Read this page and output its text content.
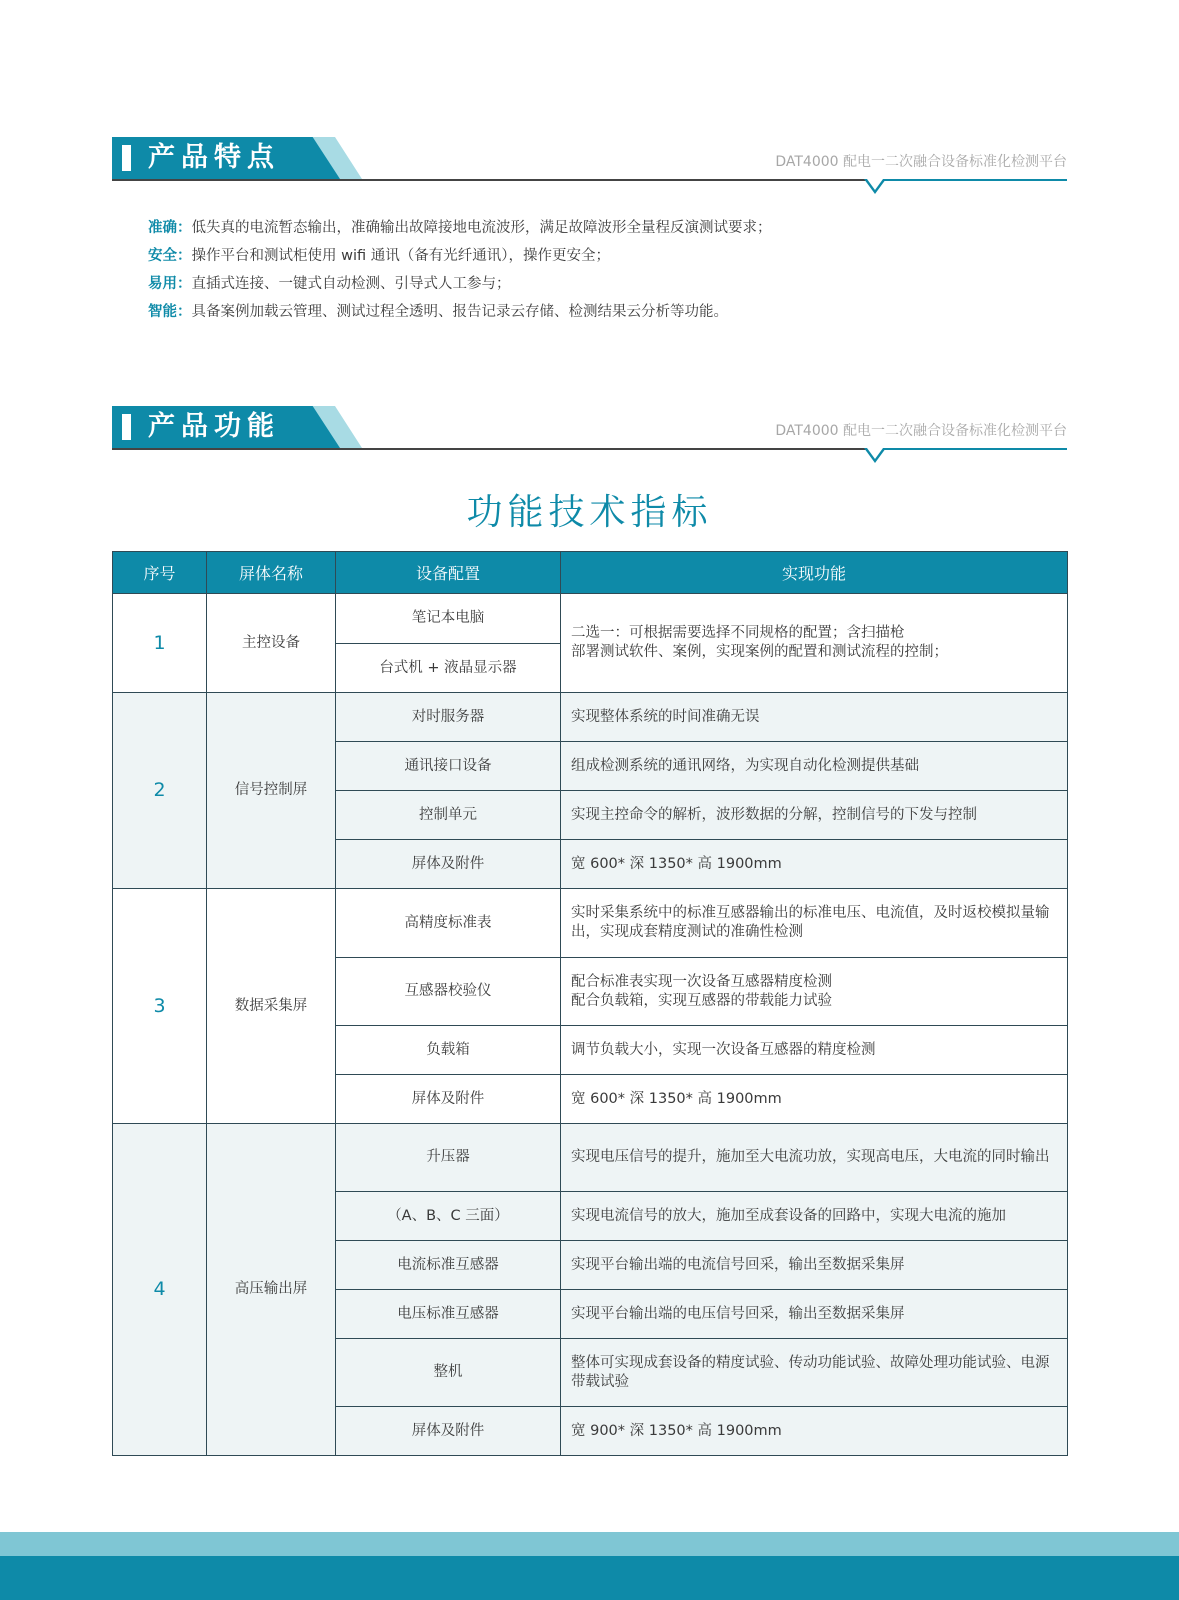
产品特点	DAT4000 配电一二次融合设备标准化检测平台
准确：低失真的电流暂态输出，准确输出故障接地电流波形，满足故障波形全量程反演测试要求；
安全：操作平台和测试柜使用 wifi 通讯（备有光纤通讯），操作更安全；
易用：直插式连接、一键式自动检测、引导式人工参与；
智能：具备案例加载云管理、测试过程全透明、报告记录云存储、检测结果云分析等功能。
产品功能	DAT4000 配电一二次融合设备标准化检测平台
功能技术指标
序号	屏体名称	设备配置	实现功能
1	主控设备	笔记本电脑	二选一：可根据需要选择不同规格的配置；含扫描枪
部署测试软件、案例，实现案例的配置和测试流程的控制；
		台式机 + 液晶显示器	
2	信号控制屏	对时服务器	实现整体系统的时间准确无误
		通讯接口设备	组成检测系统的通讯网络，为实现自动化检测提供基础
		控制单元	实现主控命令的解析，波形数据的分解，控制信号的下发与控制
		屏体及附件	宽 600* 深 1350* 高 1900mm
3	数据采集屏	高精度标准表	实时采集系统中的标准互感器输出的标准电压、电流值，及时返校模拟量输出，实现成套精度测试的准确性检测
		互感器校验仪	配合标准表实现一次设备互感器精度检测
配合负载箱，实现互感器的带载能力试验
		负载箱	调节负载大小，实现一次设备互感器的精度检测
		屏体及附件	宽 600* 深 1350* 高 1900mm
4	高压输出屏	升压器	实现电压信号的提升，施加至大电流功放，实现高电压，大电流的同时输出
		（A、B、C 三面）	实现电流信号的放大，施加至成套设备的回路中，实现大电流的施加
		电流标准互感器	实现平台输出端的电流信号回采，输出至数据采集屏
		电压标准互感器	实现平台输出端的电压信号回采，输出至数据采集屏
		整机	整体可实现成套设备的精度试验、传动功能试验、故障处理功能试验、电源带载试验
		屏体及附件	宽 900* 深 1350* 高 1900mm
